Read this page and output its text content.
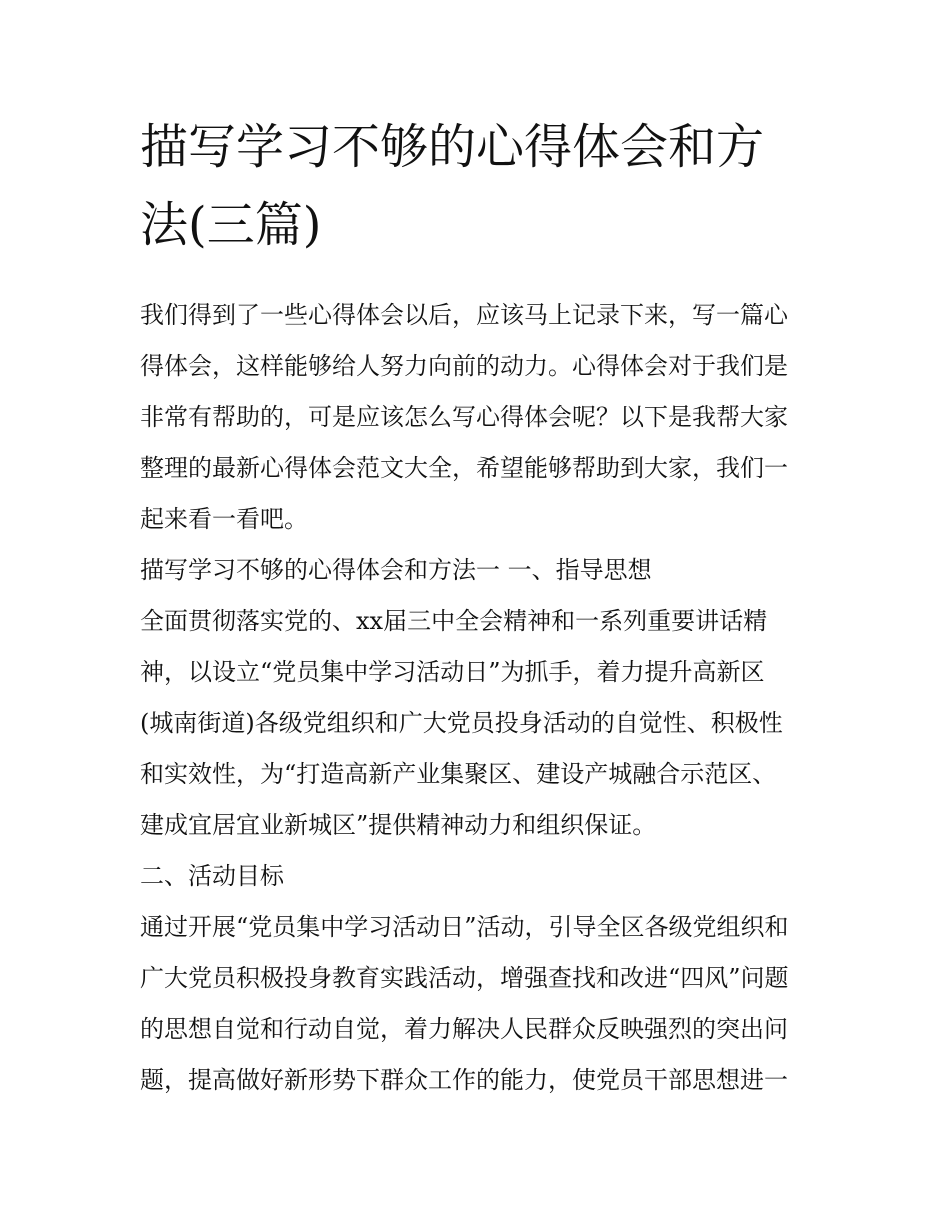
描写学习不够的心得体会和方
法(三篇)
我们得到了一些心得体会以后，应该马上记录下来，写一篇心
得体会，这样能够给人努力向前的动力。心得体会对于我们是
非常有帮助的，可是应该怎么写心得体会呢？以下是我帮大家
整理的最新心得体会范文大全，希望能够帮助到大家，我们一
起来看一看吧。
描写学习不够的心得体会和方法一 一、指导思想
全面贯彻落实党的、xx届三中全会精神和一系列重要讲话精
神，以设立“党员集中学习活动日”为抓手，着力提升高新区
(城南街道)各级党组织和广大党员投身活动的自觉性、积极性
和实效性，为“打造高新产业集聚区、建设产城融合示范区、
建成宜居宜业新城区”提供精神动力和组织保证。
二、活动目标
通过开展“党员集中学习活动日”活动，引导全区各级党组织和
广大党员积极投身教育实践活动，增强查找和改进“四风”问题
的思想自觉和行动自觉，着力解决人民群众反映强烈的突出问
题，提高做好新形势下群众工作的能力，使党员干部思想进一
